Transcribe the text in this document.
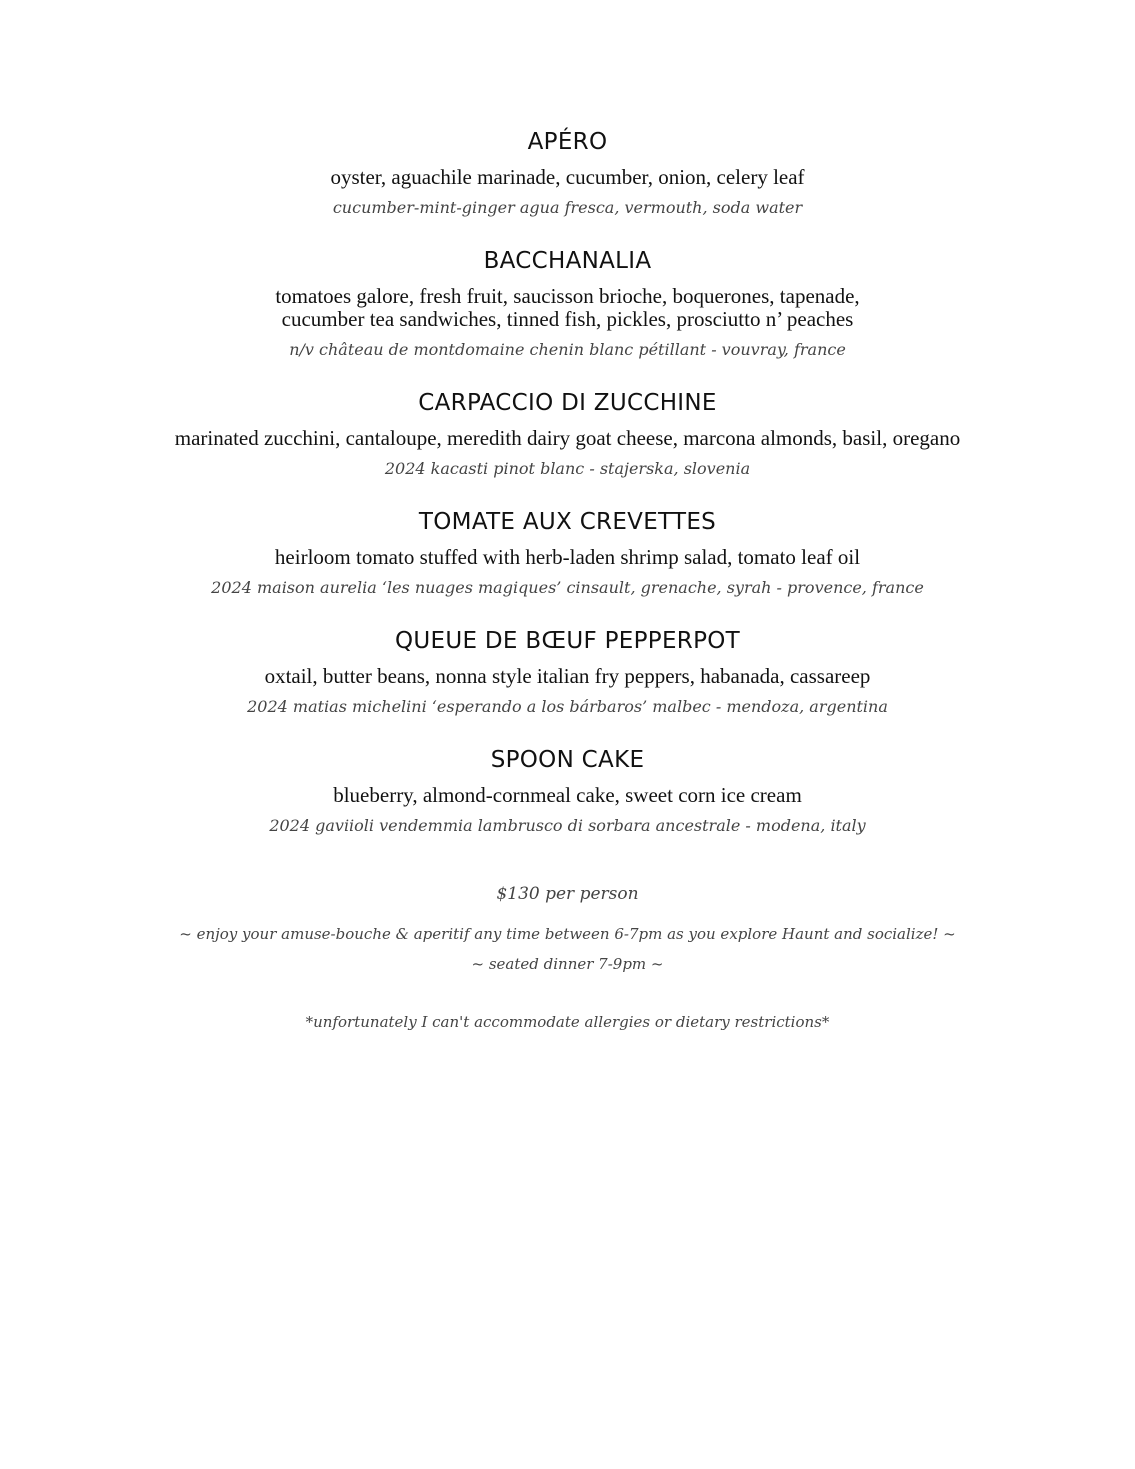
APÉRO
oyster, aguachile marinade, cucumber, onion, celery leaf
cucumber-mint-ginger agua fresca, vermouth, soda water
BACCHANALIA
tomatoes galore, fresh fruit, saucisson brioche, boquerones, tapenade,
cucumber tea sandwiches, tinned fish, pickles, prosciutto n’ peaches
n/v château de montdomaine chenin blanc pétillant - vouvray, france
CARPACCIO DI ZUCCHINE
marinated zucchini, cantaloupe, meredith dairy goat cheese, marcona almonds, basil, oregano
2024 kacasti pinot blanc - stajerska, slovenia
TOMATE AUX CREVETTES
heirloom tomato stuffed with herb-laden shrimp salad, tomato leaf oil
2024 maison aurelia ‘les nuages magiques’ cinsault, grenache, syrah - provence, france
QUEUE DE BŒUF PEPPERPOT
oxtail, butter beans, nonna style italian fry peppers, habanada, cassareep
2024 matias michelini ‘esperando a los bárbaros’ malbec - mendoza, argentina
SPOON CAKE
blueberry, almond-cornmeal cake, sweet corn ice cream
2024 gaviioli vendemmia lambrusco di sorbara ancestrale - modena, italy
$130 per person
~ enjoy your amuse-bouche & aperitif any time between 6-7pm as you explore Haunt and socialize! ~
~ seated dinner 7-9pm ~
*unfortunately I can't accommodate allergies or dietary restrictions*
